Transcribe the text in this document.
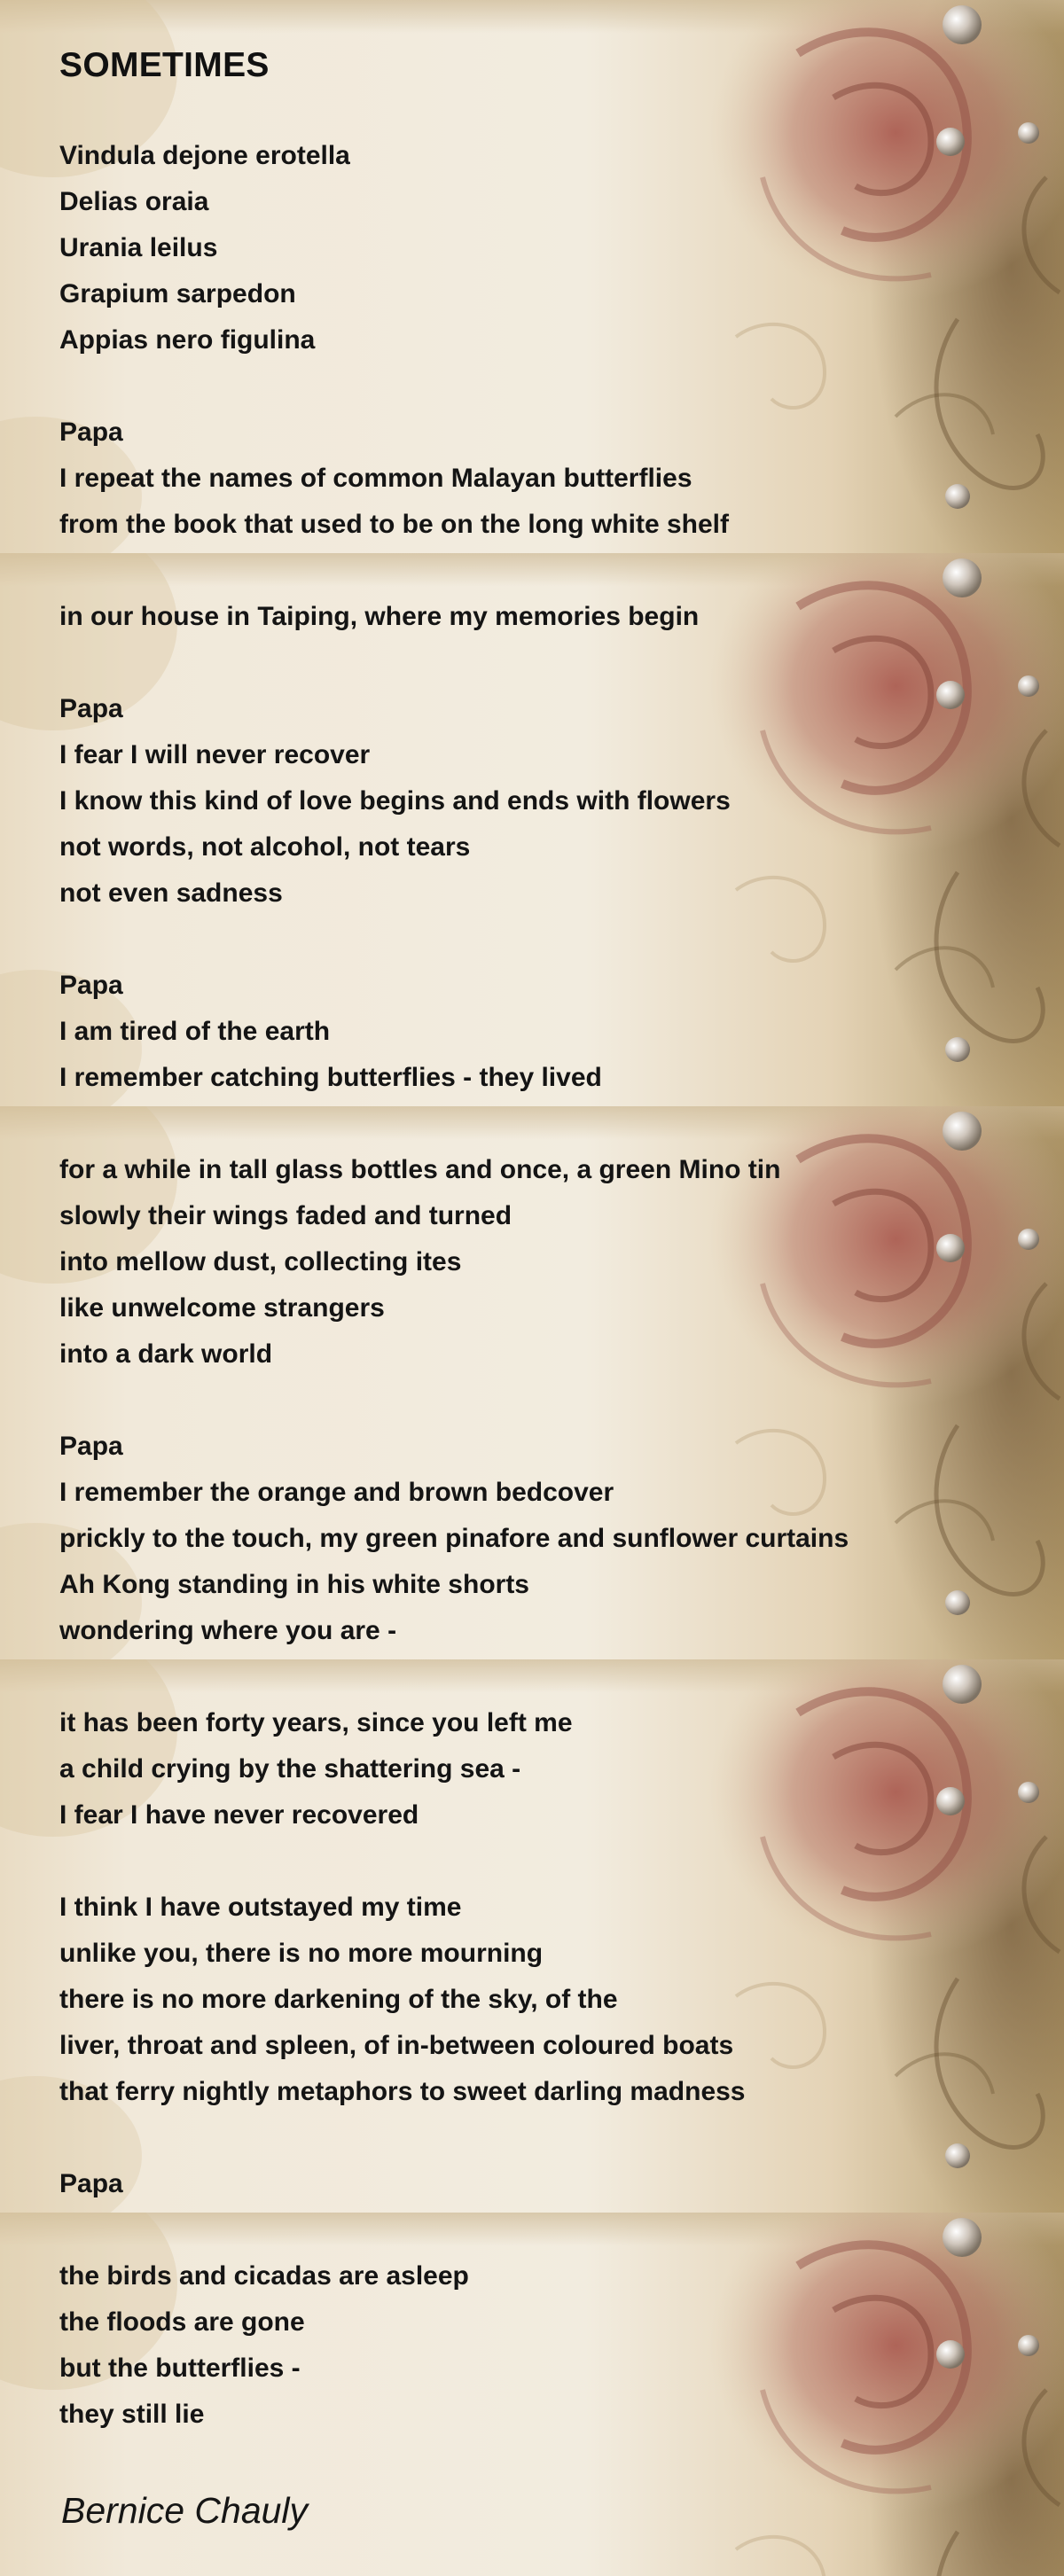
SOMETIMES

Vindula dejone erotella

Delias oraia

Urania leilus

Grapium sarpedon

Appias nero figulina

Papa

I repeat the names of common Malayan butterflies

from the book that used to be on the long white shelf

in our house in Taiping, where my memories begin

Papa

I fear I will never recover

I know this kind of love begins and ends with flowers

not words, not alcohol, not tears

not even sadness

Papa

I am tired of the earth

I remember catching butterflies - they lived

for a while in tall glass bottles and once, a green Mino tin

slowly their wings faded and turned

into mellow dust, collecting ites

like unwelcome strangers

into a dark world

Papa

I remember the orange and brown bedcover

prickly to the touch, my green pinafore and sunflower curtains

Ah Kong standing in his white shorts

wondering where you are -

it has been forty years, since you left me

a child crying by the shattering sea -

I fear I have never recovered

I think I have outstayed my time

unlike you, there is no more mourning

there is no more darkening of the sky, of the

liver, throat and spleen, of in-between coloured boats

that ferry nightly metaphors to sweet darling madness

Papa

the birds and cicadas are asleep

the floods are gone

but the butterflies -

they still lie

Bernice Chauly
